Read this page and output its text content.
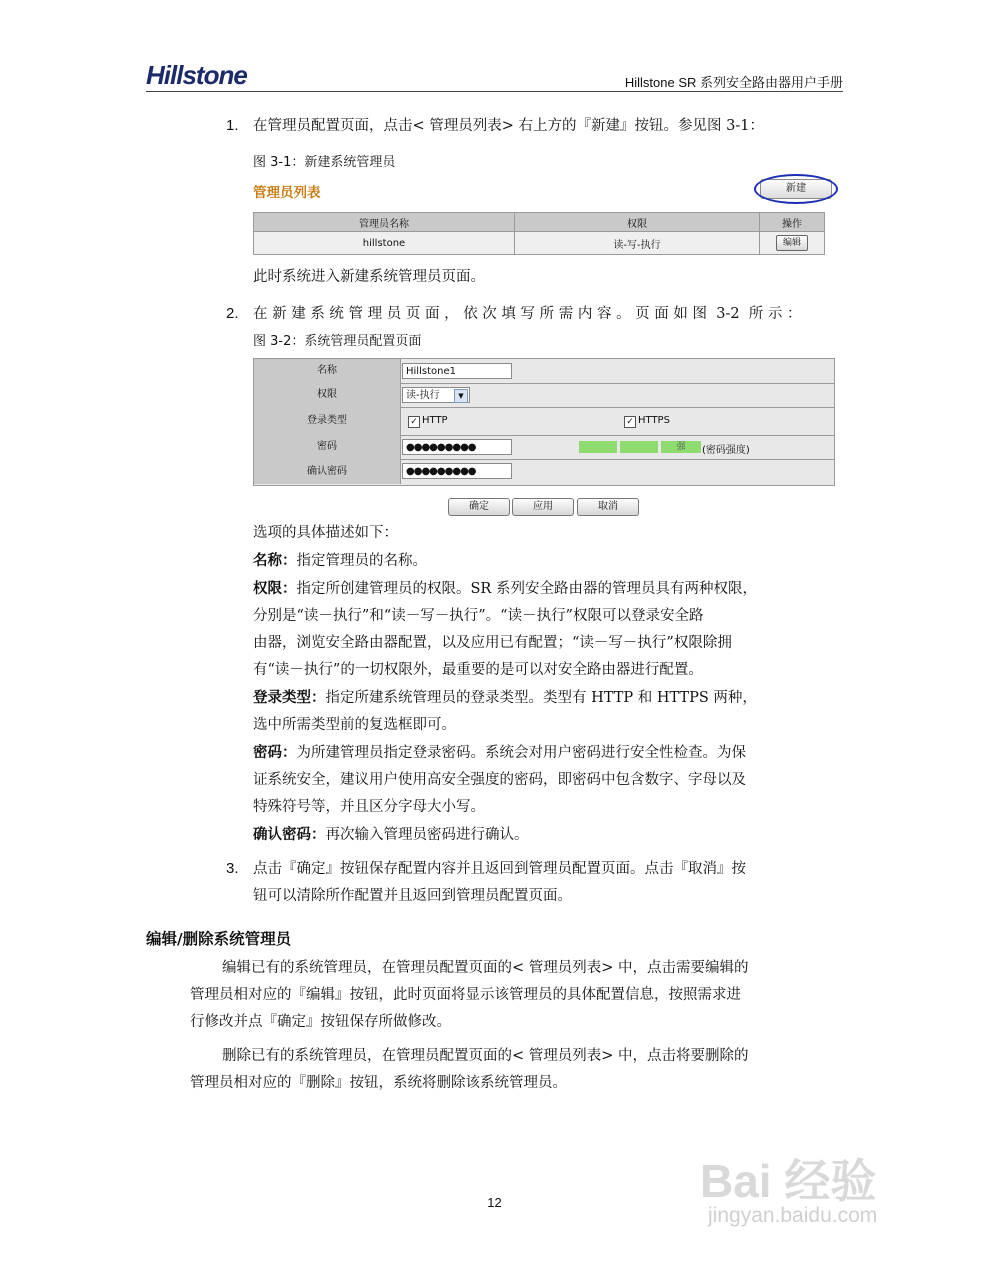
Hillstone	Hillstone SR 系列安全路由器用户手册
1. 在管理员配置页面，点击< 管理员列表> 右上方的『新建』按钮。参见图 3-1：
图 3-1：新建系统管理员
管理员列表	新建
管理员名称	权限	操作
hillstone	读-写-执行	编辑
此时系统进入新建系统管理员页面。
2. 在 新 建 系 统 管 理 员 页 面 ， 依 次 填 写 所 需 内 容 。 页 面 如 图  3-2  所 示 ：
图 3-2：系统管理员配置页面
名称	Hillstone1
权限	读-执行	▼
登录类型	✓ HTTP	✓ HTTPS
密码	●●●●●●●●●	强	(密码强度)
确认密码	●●●●●●●●●
确定	应用	取消
选项的具体描述如下：
名称：指定管理员的名称。
权限：指定所创建管理员的权限。SR 系列安全路由器的管理员具有两种权限，
分别是“读－执行”和“读－写－执行”。“读－执行”权限可以登录安全路
由器，浏览安全路由器配置，以及应用已有配置；“读－写－执行”权限除拥
有“读－执行”的一切权限外，最重要的是可以对安全路由器进行配置。
登录类型：指定所建系统管理员的登录类型。类型有 HTTP 和 HTTPS 两种，
选中所需类型前的复选框即可。
密码：为所建管理员指定登录密码。系统会对用户密码进行安全性检查。为保
证系统安全，建议用户使用高安全强度的密码，即密码中包含数字、字母以及
特殊符号等，并且区分字母大小写。
确认密码：再次输入管理员密码进行确认。
3. 点击『确定』按钮保存配置内容并且返回到管理员配置页面。点击『取消』按
钮可以清除所作配置并且返回到管理员配置页面。
编辑/删除系统管理员
编辑已有的系统管理员，在管理员配置页面的< 管理员列表> 中，点击需要编辑的
管理员相对应的『编辑』按钮，此时页面将显示该管理员的具体配置信息，按照需求进
行修改并点『确定』按钮保存所做修改。
删除已有的系统管理员，在管理员配置页面的< 管理员列表> 中，点击将要删除的
管理员相对应的『删除』按钮，系统将删除该系统管理员。
12	Bai 经验
jingyan.baidu.com
